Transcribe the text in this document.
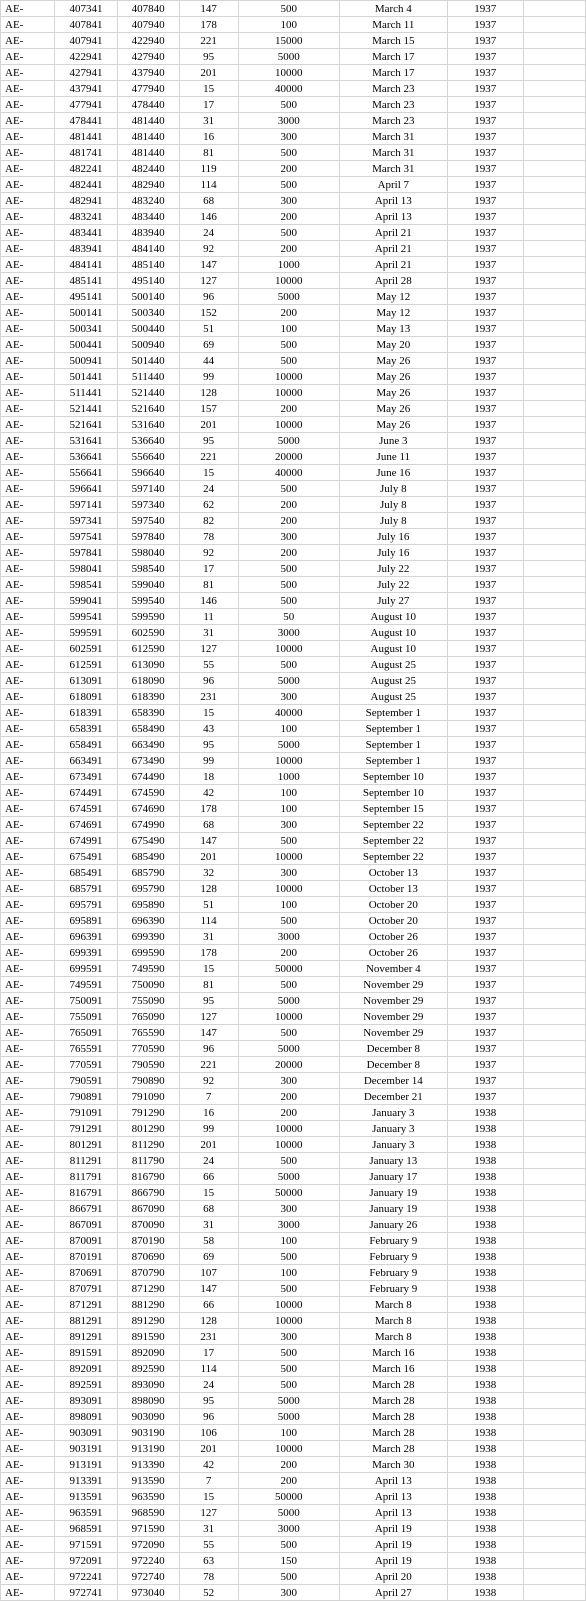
AE-	407341	407840	147	500	March 4	1937	
AE-	407841	407940	178	100	March 11	1937	
AE-	407941	422940	221	15000	March 15	1937	
AE-	422941	427940	95	5000	March 17	1937	
AE-	427941	437940	201	10000	March 17	1937	
AE-	437941	477940	15	40000	March 23	1937	
AE-	477941	478440	17	500	March 23	1937	
AE-	478441	481440	31	3000	March 23	1937	
AE-	481441	481440	16	300	March 31	1937	
AE-	481741	481440	81	500	March 31	1937	
AE-	482241	482440	119	200	March 31	1937	
AE-	482441	482940	114	500	April 7	1937	
AE-	482941	483240	68	300	April 13	1937	
AE-	483241	483440	146	200	April 13	1937	
AE-	483441	483940	24	500	April 21	1937	
AE-	483941	484140	92	200	April 21	1937	
AE-	484141	485140	147	1000	April 21	1937	
AE-	485141	495140	127	10000	April 28	1937	
AE-	495141	500140	96	5000	May 12	1937	
AE-	500141	500340	152	200	May 12	1937	
AE-	500341	500440	51	100	May 13	1937	
AE-	500441	500940	69	500	May 20	1937	
AE-	500941	501440	44	500	May 26	1937	
AE-	501441	511440	99	10000	May 26	1937	
AE-	511441	521440	128	10000	May 26	1937	
AE-	521441	521640	157	200	May 26	1937	
AE-	521641	531640	201	10000	May 26	1937	
AE-	531641	536640	95	5000	June 3	1937	
AE-	536641	556640	221	20000	June 11	1937	
AE-	556641	596640	15	40000	June 16	1937	
AE-	596641	597140	24	500	July 8	1937	
AE-	597141	597340	62	200	July 8	1937	
AE-	597341	597540	82	200	July 8	1937	
AE-	597541	597840	78	300	July 16	1937	
AE-	597841	598040	92	200	July 16	1937	
AE-	598041	598540	17	500	July 22	1937	
AE-	598541	599040	81	500	July 22	1937	
AE-	599041	599540	146	500	July 27	1937	
AE-	599541	599590	11	50	August 10	1937	
AE-	599591	602590	31	3000	August 10	1937	
AE-	602591	612590	127	10000	August 10	1937	
AE-	612591	613090	55	500	August 25	1937	
AE-	613091	618090	96	5000	August 25	1937	
AE-	618091	618390	231	300	August 25	1937	
AE-	618391	658390	15	40000	September 1	1937	
AE-	658391	658490	43	100	September 1	1937	
AE-	658491	663490	95	5000	September 1	1937	
AE-	663491	673490	99	10000	September 1	1937	
AE-	673491	674490	18	1000	September 10	1937	
AE-	674491	674590	42	100	September 10	1937	
AE-	674591	674690	178	100	September 15	1937	
AE-	674691	674990	68	300	September 22	1937	
AE-	674991	675490	147	500	September 22	1937	
AE-	675491	685490	201	10000	September 22	1937	
AE-	685491	685790	32	300	October 13	1937	
AE-	685791	695790	128	10000	October 13	1937	
AE-	695791	695890	51	100	October 20	1937	
AE-	695891	696390	114	500	October 20	1937	
AE-	696391	699390	31	3000	October 26	1937	
AE-	699391	699590	178	200	October 26	1937	
AE-	699591	749590	15	50000	November 4	1937	
AE-	749591	750090	81	500	November 29	1937	
AE-	750091	755090	95	5000	November 29	1937	
AE-	755091	765090	127	10000	November 29	1937	
AE-	765091	765590	147	500	November 29	1937	
AE-	765591	770590	96	5000	December 8	1937	
AE-	770591	790590	221	20000	December 8	1937	
AE-	790591	790890	92	300	December 14	1937	
AE-	790891	791090	7	200	December 21	1937	
AE-	791091	791290	16	200	January 3	1938	
AE-	791291	801290	99	10000	January 3	1938	
AE-	801291	811290	201	10000	January 3	1938	
AE-	811291	811790	24	500	January 13	1938	
AE-	811791	816790	66	5000	January 17	1938	
AE-	816791	866790	15	50000	January 19	1938	
AE-	866791	867090	68	300	January 19	1938	
AE-	867091	870090	31	3000	January 26	1938	
AE-	870091	870190	58	100	February 9	1938	
AE-	870191	870690	69	500	February 9	1938	
AE-	870691	870790	107	100	February 9	1938	
AE-	870791	871290	147	500	February 9	1938	
AE-	871291	881290	66	10000	March 8	1938	
AE-	881291	891290	128	10000	March 8	1938	
AE-	891291	891590	231	300	March 8	1938	
AE-	891591	892090	17	500	March 16	1938	
AE-	892091	892590	114	500	March 16	1938	
AE-	892591	893090	24	500	March 28	1938	
AE-	893091	898090	95	5000	March 28	1938	
AE-	898091	903090	96	5000	March 28	1938	
AE-	903091	903190	106	100	March 28	1938	
AE-	903191	913190	201	10000	March 28	1938	
AE-	913191	913390	42	200	March 30	1938	
AE-	913391	913590	7	200	April 13	1938	
AE-	913591	963590	15	50000	April 13	1938	
AE-	963591	968590	127	5000	April 13	1938	
AE-	968591	971590	31	3000	April 19	1938	
AE-	971591	972090	55	500	April 19	1938	
AE-	972091	972240	63	150	April 19	1938	
AE-	972241	972740	78	500	April 20	1938	
AE-	972741	973040	52	300	April 27	1938	
